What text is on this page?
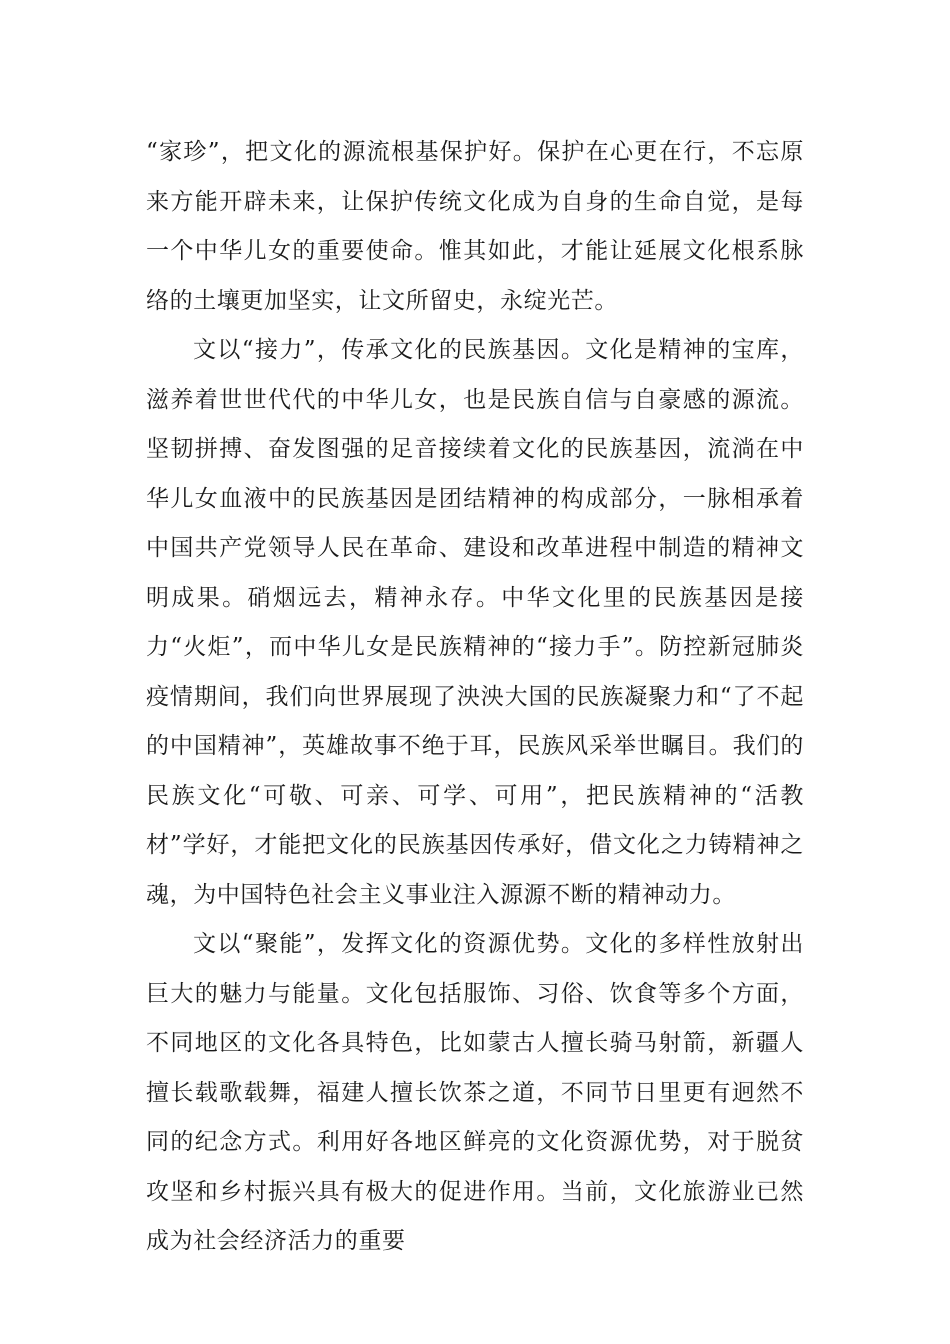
“家珍”，把文化的源流根基保护好。保护在心更在行，不忘原来方能开辟未来，让保护传统文化成为自身的生命自觉，是每一个中华儿女的重要使命。惟其如此，才能让延展文化根系脉络的土壤更加坚实，让文所留史，永绽光芒。

文以“接力”，传承文化的民族基因。文化是精神的宝库，滋养着世世代代的中华儿女，也是民族自信与自豪感的源流。坚韧拼搏、奋发图强的足音接续着文化的民族基因，流淌在中华儿女血液中的民族基因是团结精神的构成部分，一脉相承着中国共产党领导人民在革命、建设和改革进程中制造的精神文明成果。硝烟远去，精神永存。中华文化里的民族基因是接力“火炬”，而中华儿女是民族精神的“接力手”。防控新冠肺炎疫情期间，我们向世界展现了泱泱大国的民族凝聚力和“了不起的中国精神”，英雄故事不绝于耳，民族风采举世瞩目。我们的民族文化“可敬、可亲、可学、可用”，把民族精神的“活教材”学好，才能把文化的民族基因传承好，借文化之力铸精神之魂，为中国特色社会主义事业注入源源不断的精神动力。

文以“聚能”，发挥文化的资源优势。文化的多样性放射出巨大的魅力与能量。文化包括服饰、习俗、饮食等多个方面，不同地区的文化各具特色，比如蒙古人擅长骑马射箭，新疆人擅长载歌载舞，福建人擅长饮茶之道，不同节日里更有迥然不同的纪念方式。利用好各地区鲜亮的文化资源优势，对于脱贫攻坚和乡村振兴具有极大的促进作用。当前，文化旅游业已然成为社会经济活力的重要
